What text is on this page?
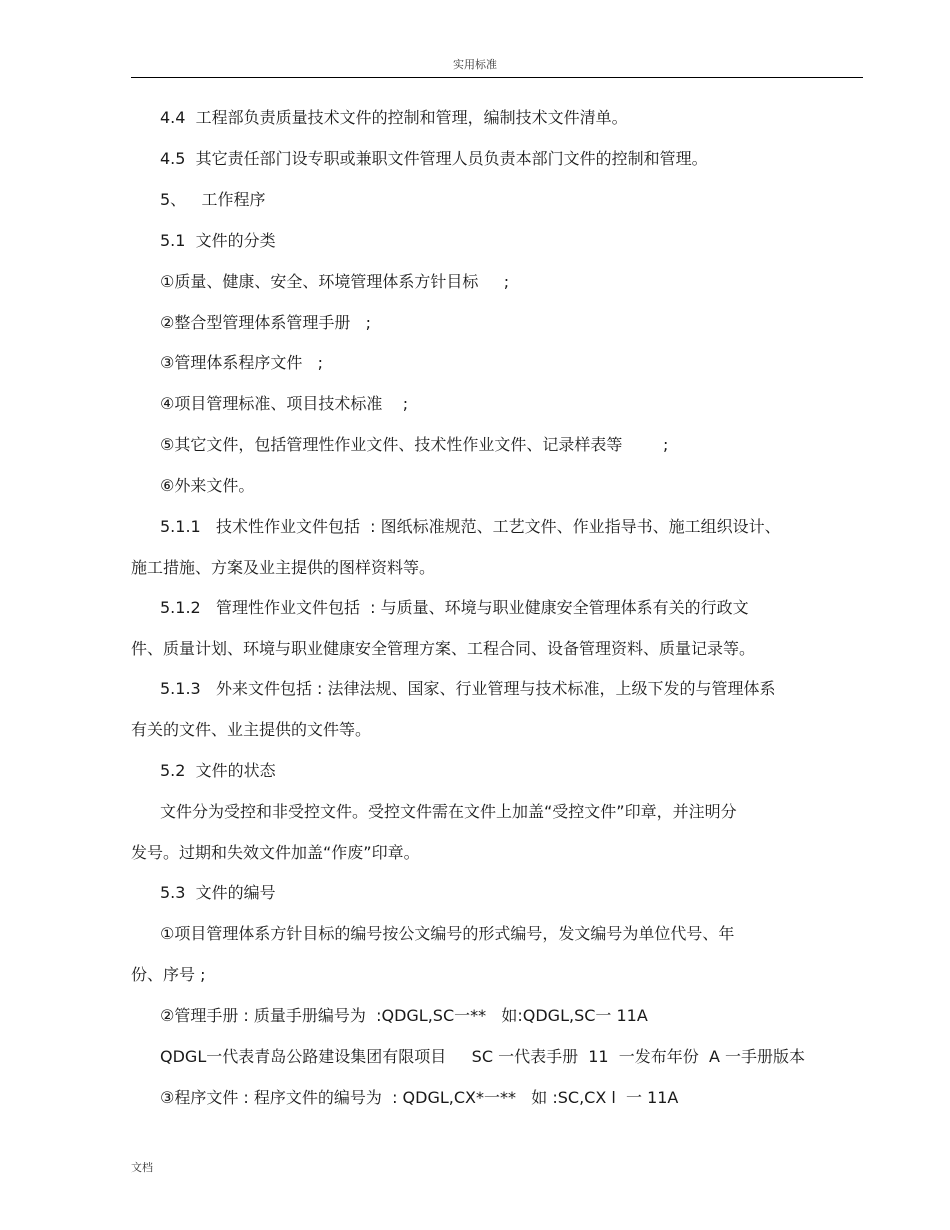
实用标准
4.4  工程部负责质量技术文件的控制和管理，编制技术文件清单。
4.5  其它责任部门设专职或兼职文件管理人员负责本部门文件的控制和管理。
5、   工作程序
5.1  文件的分类
①质量、健康、安全、环境管理体系方针目标     ;
②整合型管理体系管理手册   ;
③管理体系程序文件   ;
④项目管理标准、项目技术标准    ;
⑤其它文件，包括管理性作业文件、技术性作业文件、记录样表等        ;
⑥外来文件。
5.1.1   技术性作业文件包括  : 图纸标准规范、工艺文件、作业指导书、施工组织设计、
施工措施、方案及业主提供的图样资料等。
5.1.2   管理性作业文件包括  : 与质量、环境与职业健康安全管理体系有关的行政文
件、质量计划、环境与职业健康安全管理方案、工程合同、设备管理资料、质量记录等。
5.1.3   外来文件包括 : 法律法规、国家、行业管理与技术标准，上级下发的与管理体系
有关的文件、业主提供的文件等。
5.2  文件的状态
文件分为受控和非受控文件。受控文件需在文件上加盖“受控文件”印章，并注明分
发号。过期和失效文件加盖“作废”印章。
5.3  文件的编号
①项目管理体系方针目标的编号按公文编号的形式编号，发文编号为单位代号、年
份、序号 ;
②管理手册 : 质量手册编号为  :QDGL,SC一**   如:QDGL,SC一 11A
QDGL一代表青岛公路建设集团有限项目     SC 一代表手册  11  一发布年份  A 一手册版本
③程序文件 : 程序文件的编号为  : QDGL,CX*一**   如 :SC,CX l  一 11A
文档
